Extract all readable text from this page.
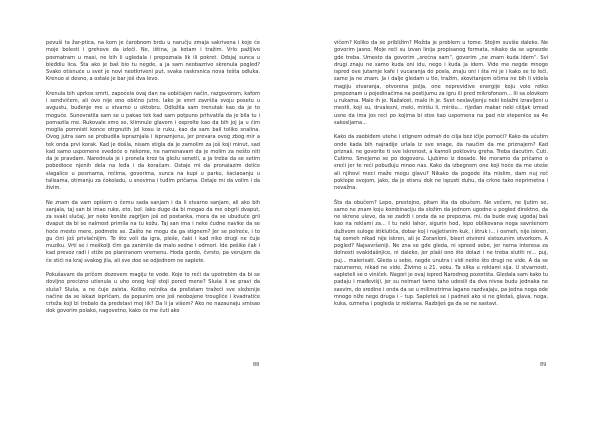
pevuši ta žar-ptica, na kom je čarobnom brdu u naručju zmaja sakrivena i koje će moje bolesti i grehove da izleči. Ne, iština, ja kotam i tražim. Vrlo pažljivo posmatram u masi, ne bih li ugledala i prepoznala lik ili pokret. Odsjaj sunca u bleđdiu lica. Šta ako je baš bio tu negde, a ja sam neobazrivo skrenula pogled? Svako otisnuće u svet je novi neotkriveni put, svaka raskrsnica nova tešta odluka. Krenuo si desno, a ostale je bar još dva levo.

Krenula bih uprkos smrti, zapoćela ovaj dan na uobičajen način, razgovorom, kafom i sendvičem, ali ovo nije ono obično jutro. Iako je smrt završila svoju posetu u avgustu, buđenje me u stvarno u oktobru. Odložila sam trenutak kao da je to moguće. Sunovratila sam se u pakao tek kad sam potpuno prihvatila da je bila tu i pomazila me. Rukovale smo se, klimnule glavom i osprolte kao da bih joj ja u čim moglia pomnisti koncе otrgnutih jol kosu iz ruku, kao da sam bail toliko snalina. Ovog jutra sam se probudila ispraznjala i ispraznjenu, jer prevara ovog zbog mir a tek onda prvi korak. Kad je došla, nisam stigla da je zamolim za još koji minut, sad kad samo uspomene svedoće o nekome, ne namenavam da je molim za nešto niti da je pravdam. Narednula je i pronela kroz ta gležu senetli, a ja treba da se setim pobedioce njenih dela na leđa i da koračam. Ostaje mi da pronalazim delićе slagalice u pesmama, rečima, govorima, sunca na kupi u parku, šaciaoanju u talisama, otimanju za čokoladu, u snovima i tuđim pričama. Ostaje mi da volim i da živim.

Ne znam da vam opišem o čemu sada sanjam i da li stvarno sanjam, ali ako bih sanjala, taj san bi imao ruke, eto, bol. Iako duge da bi mogao da me obgrli dvaput, za svaki slučaj, jer neko koniže zagrljen još od postanka, mora da se ubuduće grli dvaput da bi se nalmost primila na tu kožu. Taj san ima i neke čudne navike da se hoće mesto mere, podmete se. Zašto ne mogu da ga stignem? Jer se polreće, i to gu čini još privlačnijim. To što voli da igra, pleše, čaki i kad niko drugi ne čuje muziku. Vrti se i meškolji čim ga zanimile da malo sedne i odmori. Ide pešike čak i kad prevoz radi i stiže po planiranom vremenu. Hoda gordo, čvrsto, pa verujem da će stići na kraj svakog jila, ali sve doe se odjednom ne saplete.

Pokušavam da pričom dozovem magiju te vode. Koje to reči da upotrebim da bi se dovljno precizno utisnula u uho onog koji stoji pored mene? Sluša li se pravi da sluša? Sluša, a ne čuje zaista. Koliko rećnika da prelistam tražeći sve složenije načine da se iskazi ispričam, da popunim one još neobojene trougliće i kvadratiće crteža koji bi trebalo da predstavi moj lik? Da li ja višem? Ako ne nazaunaju smisao dok govorim polako, nagovetno, kako će me čuti ako

88

vičem? Koliko da se približim? Možda je problem u tome. Stojim suviše daleko. Ne govorim jasno. Moje reči su izvan linija propisanog formata, nikako da se ugnezde gde treba. Umesto da govorim „srećna sam“, govorim „ne znam kuda idem“. Svi drugi znaju ne samo kuda oni idu, nego i kuda ja idem. Vide me negde mnogo ispred ove jutarnje kafe i vucaranja do posla, znaju oni i šta mi je i kako se to leči, samo ja ne znam. Ja i dalje gledam u tlo, tražim, skovitanjem očima ne bih li videla magiju stvaranja, otvorena polja, one neprevidive energije koju volo retko prepoznam u pojedinačima na postijumu za igru ili pred mikrofonom... Ili sa olovkom u rukama. Malo ih je. Nažalost, malo ih je. Svet neslavljenju neki kolažni izravljeni u mestli, koji su, drvalesni, meki, mirišu li, mirišu... rijeđan makar neki cilijak izmad usne da ima jos reci po kojima bi stos kao uspomena na pad niz stepenice sa 4e sakosljama...

Kako da zaobiđem utehe i stignem odmah do cilja bez ičije pomoći? Kako da ućutim onde kada bih najradije urlala iz sve snage, da nauĉim da me priznajem? Kad priznaš, ne govorite ti sve iskrenost, a kamoli pokloviru greha. Treba dacutim. Cuti. Cutimo. Smejemo se po dogovoru. Ljubimo iz dosade. Ne moramo da pričamo o sreći jer te reći pobuđuju mnoo nas. Kako da izbegnem one koji hoće da me uteše ali njihovi meci maže mogu glavu? Nikako da pogode šta mislim, dam nuj reč poklope svojom, jako, da je stisnu dok ne ispusti duhu, da crkne tako neprimetna i nevažna.

Šta da obučem? Lepo, prestojno, pitam šta da obučem. Ne večem, ne ljutim se, samo ne znam koju kombinaciju da složim da jednom ugodne u pogled direktno, da ne skrene ulevo, da se zadrži i onda da se prepozna, mi, da bude ovaj ugodaj baš kao na reklami za... I tu neki lahor, sigurin hod, lepo oblikovana noga savršenom duživom suloge štiklutiča, dobar koj i najjetisnim kuk, i štruk i... i osmeh, nije iskren, taj osmeh nikad nije iskren, ali je Zoranloni, biseri otvireni sistozunim otvorkom. A pogled? Najsavršeniji. Ne zna se gde gleda, ni spreed sebe, jer nema interesa za dolnosti svakidašnjice, ni daleko, jer plaši ono što dolazi i ne treba slutiti ni... puj, puj... malerisati. Gleda u sebe, negde unutra i vidi nešto što drugi ne vide. A da se razumemo, nikad ne vide. Živimo u 21. veku. Ta slika u reklami sija. U stvarnosti, sapleteli se o viniček. Nagori je ovaj ispred Narodnog pozorišta. Gledala sam kako tu padaju i mađevišji, jer su neimari tamo taho udesili da dva nivoa budu jednaka ne sasvim, do sredine i onda da se u milimetrima lagano razdvajaju, pa jedna noga ode mnogo niže nego druga i – tup. Sapleteš se i padneš ako si ne gledaš, glava, noga, kuka, ozmeha i pogleda iz reklama. Razbiješ ga da se ne sastavi.

89
